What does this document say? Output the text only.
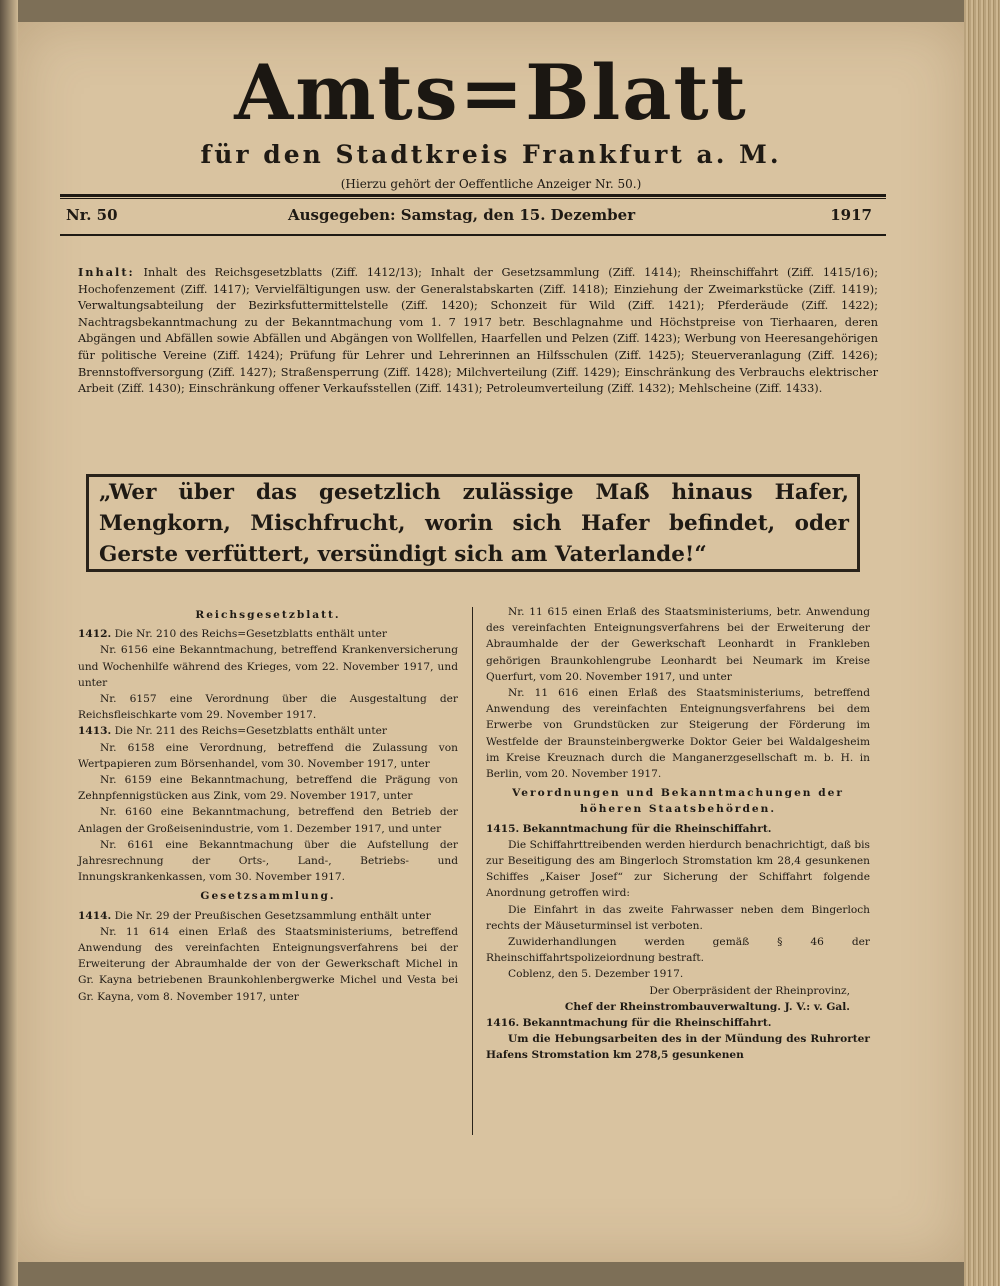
Amts=Blatt
für den Stadtkreis Frankfurt a. M.
(Hierzu gehört der Oeffentliche Anzeiger Nr. 50.)
Nr. 50	Ausgegeben: Samstag, den 15. Dezember	1917
Inhalt: Inhalt des Reichsgesetzblatts (Ziff. 1412/13); Inhalt der Gesetzsammlung (Ziff. 1414); Rheinschiffahrt (Ziff. 1415/16); Hochofenzement (Ziff. 1417); Vervielfältigungen usw. der Generalstabskarten (Ziff. 1418); Einziehung der Zweimarkstücke (Ziff. 1419); Verwaltungsabteilung der Bezirksfuttermittelstelle (Ziff. 1420); Schonzeit für Wild (Ziff. 1421); Pferderäude (Ziff. 1422); Nachtragsbekanntmachung zu der Bekanntmachung vom 1. 7 1917 betr. Beschlagnahme und Höchstpreise von Tierhaaren, deren Abgängen und Abfällen sowie Abfällen und Abgängen von Wollfellen, Haarfellen und Pelzen (Ziff. 1423); Werbung von Heeresangehörigen für politische Vereine (Ziff. 1424); Prüfung für Lehrer und Lehrerinnen an Hilfsschulen (Ziff. 1425); Steuerveranlagung (Ziff. 1426); Brennstoffversorgung (Ziff. 1427); Straßensperrung (Ziff. 1428); Milchverteilung (Ziff. 1429); Einschränkung des Verbrauchs elektrischer Arbeit (Ziff. 1430); Einschränkung offener Verkaufsstellen (Ziff. 1431); Petroleumverteilung (Ziff. 1432); Mehlscheine (Ziff. 1433).
„Wer über das gesetzlich zulässige Maß hinaus Hafer, Mengkorn, Mischfrucht, worin sich Hafer befindet, oder Gerste verfüttert, versündigt sich am Vaterlande!“

Reichsgesetzblatt.

1412. Die Nr. 210 des Reichs=Gesetzblatts enthält unter

Nr. 6156 eine Bekanntmachung, betreffend Krankenversicherung und Wochenhilfe während des Krieges, vom 22. November 1917, und unter

Nr. 6157 eine Verordnung über die Ausgestaltung der Reichsfleischkarte vom 29. November 1917.

1413. Die Nr. 211 des Reichs=Gesetzblatts enthält unter

Nr. 6158 eine Verordnung, betreffend die Zulassung von Wertpapieren zum Börsenhandel, vom 30. November 1917, unter

Nr. 6159 eine Bekanntmachung, betreffend die Prägung von Zehnpfennigstücken aus Zink, vom 29. November 1917, unter

Nr. 6160 eine Bekanntmachung, betreffend den Betrieb der Anlagen der Großeisenindustrie, vom 1. Dezember 1917, und unter

Nr. 6161 eine Bekanntmachung über die Aufstellung der Jahresrechnung der Orts-, Land-, Betriebs- und Innungskrankenkassen, vom 30. November 1917.

Gesetzsammlung.

1414. Die Nr. 29 der Preußischen Gesetzsammlung enthält unter

Nr. 11 614 einen Erlaß des Staatsministeriums, betreffend Anwendung des vereinfachten Enteignungsverfahrens bei der Erweiterung der Abraumhalde der von der Gewerkschaft Michel in Gr. Kayna betriebenen Braunkohlenbergwerke Michel und Vesta bei Gr. Kayna, vom 8. November 1917, unter

Nr. 11 615 einen Erlaß des Staatsministeriums, betr. Anwendung des vereinfachten Enteignungsverfahrens bei der Erweiterung der Abraumhalde der der Gewerkschaft Leonhardt in Frankleben gehörigen Braunkohlengrube Leonhardt bei Neumark im Kreise Querfurt, vom 20. November 1917, und unter

Nr. 11 616 einen Erlaß des Staatsministeriums, betreffend Anwendung des vereinfachten Enteignungsverfahrens bei dem Erwerbe von Grundstücken zur Steigerung der Förderung im Westfelde der Braunsteinbergwerke Doktor Geier bei Waldalgesheim im Kreise Kreuznach durch die Manganerzgesellschaft m. b. H. in Berlin, vom 20. November 1917.

Verordnungen und Bekanntmachungen der höheren Staatsbehörden.

1415. Bekanntmachung für die Rheinschiffahrt.

Die Schiffahrttreibenden werden hierdurch benachrichtigt, daß bis zur Beseitigung des am Bingerloch Stromstation km 28,4 gesunkenen Schiffes „Kaiser Josef“ zur Sicherung der Schiffahrt folgende Anordnung getroffen wird:

Die Einfahrt in das zweite Fahrwasser neben dem Bingerloch rechts der Mäuseturminsel ist verboten.

Zuwiderhandlungen werden gemäß § 46 der Rheinschiffahrtspolizeiordnung bestraft.

Coblenz, den 5. Dezember 1917.

Der Oberpräsident der Rheinprovinz,

Chef der Rheinstrombauverwaltung. J. V.: v. Gal.

1416. Bekanntmachung für die Rheinschiffahrt.

Um die Hebungsarbeiten des in der Mündung des Ruhrorter Hafens Stromstation km 278,5 gesunkenen
